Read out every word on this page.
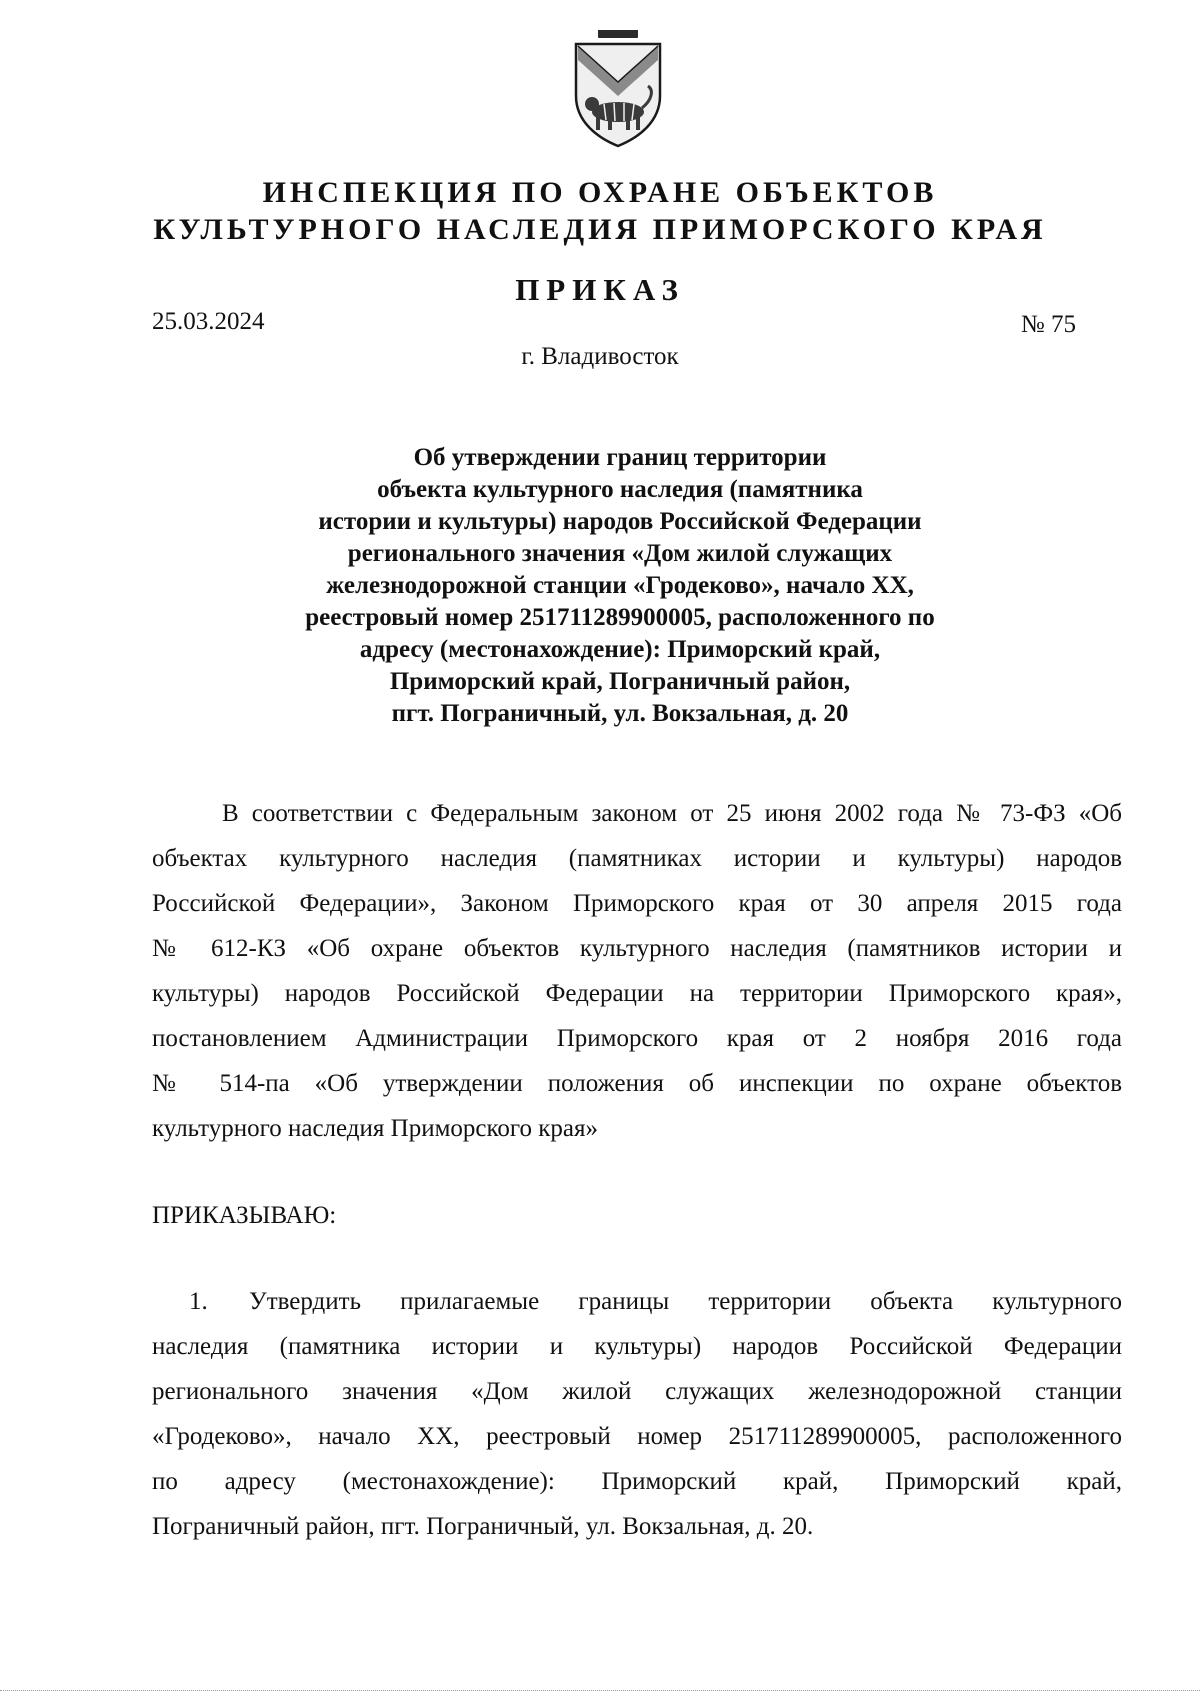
ИНСПЕКЦИЯ ПО ОХРАНЕ ОБЪЕКТОВ
КУЛЬТУРНОГО НАСЛЕДИЯ ПРИМОРСКОГО КРАЯ
ПРИКАЗ
25.03.2024	№ 75
г. Владивосток
Об утверждении границ территории
объекта культурного наследия (памятника
истории и культуры) народов Российской Федерации
регионального значения «Дом жилой служащих
железнодорожной станции «Гродеково», начало XX,
реестровый номер 251711289900005, расположенного по
адресу (местонахождение): Приморский край,
Приморский край, Пограничный район,
пгт. Пограничный, ул. Вокзальная, д. 20
В соответствии с Федеральным законом от 25 июня 2002 года № 73-ФЗ «Об
объектах культурного наследия (памятниках истории и культуры) народов
Российской Федерации», Законом Приморского края от 30 апреля 2015 года
№ 612-КЗ «Об охране объектов культурного наследия (памятников истории и
культуры) народов Российской Федерации на территории Приморского края»,
постановлением Администрации Приморского края от 2 ноября 2016 года
№ 514-па «Об утверждении положения об инспекции по охране объектов
культурного наследия Приморского края»
ПРИКАЗЫВАЮ:
1. Утвердить прилагаемые границы территории объекта культурного
наследия (памятника истории и культуры) народов Российской Федерации
регионального значения «Дом жилой служащих железнодорожной станции
«Гродеково», начало XX, реестровый номер 251711289900005, расположенного
по адресу (местонахождение): Приморский край, Приморский край,
Пограничный район, пгт. Пограничный, ул. Вокзальная, д. 20.
